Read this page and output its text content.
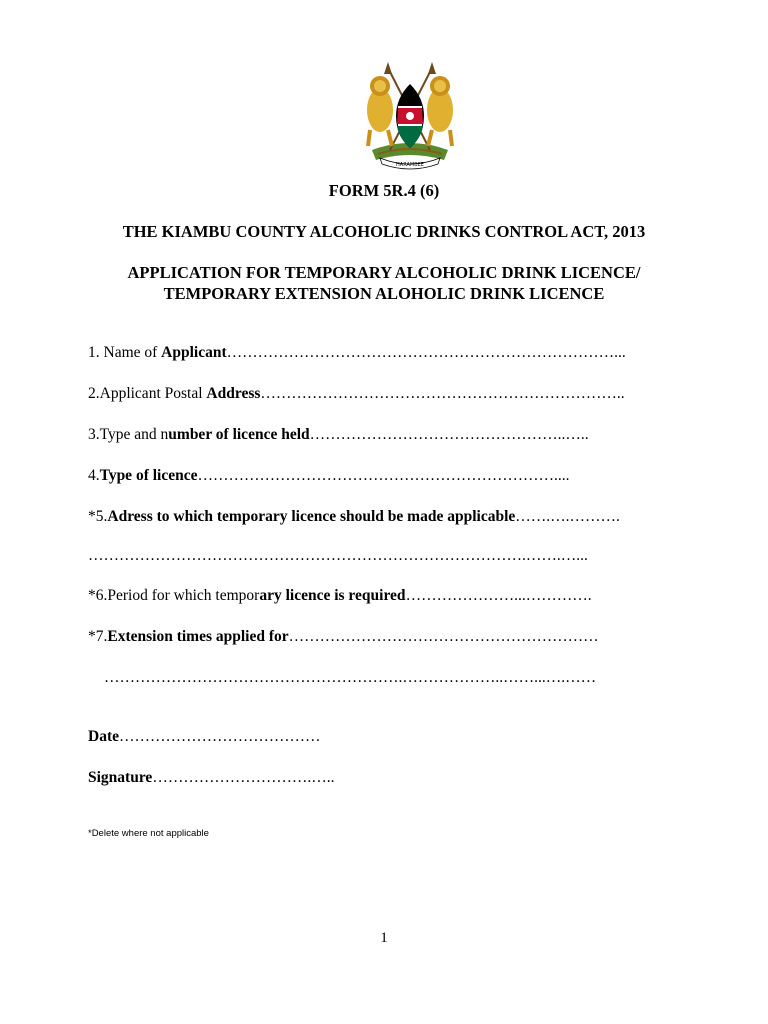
HARAMBEE
FORM 5R.4 (6)
THE KIAMBU COUNTY ALCOHOLIC DRINKS CONTROL ACT, 2013
APPLICATION FOR TEMPORARY ALCOHOLIC DRINK LICENCE/
TEMPORARY EXTENSION ALOHOLIC DRINK LICENCE
1. Name of Applicant…………………………………………………………………...
2.Applicant Postal Address……………………………………………………………..
3.Type and number of licence held…………………………………………..…..
4.Type of licence……………………………………………………………....
*5.Adress to which temporary licence should be made applicable…….….……….
………………………………………………………………………….…….…...
*6.Period for which temporary licence is required…………………...………….
*7.Extension times applied for……………………………………………………
………………………………………………….………………..……...….……
Date…………………………………
Signature………………………….…..
*Delete where not applicable
1
